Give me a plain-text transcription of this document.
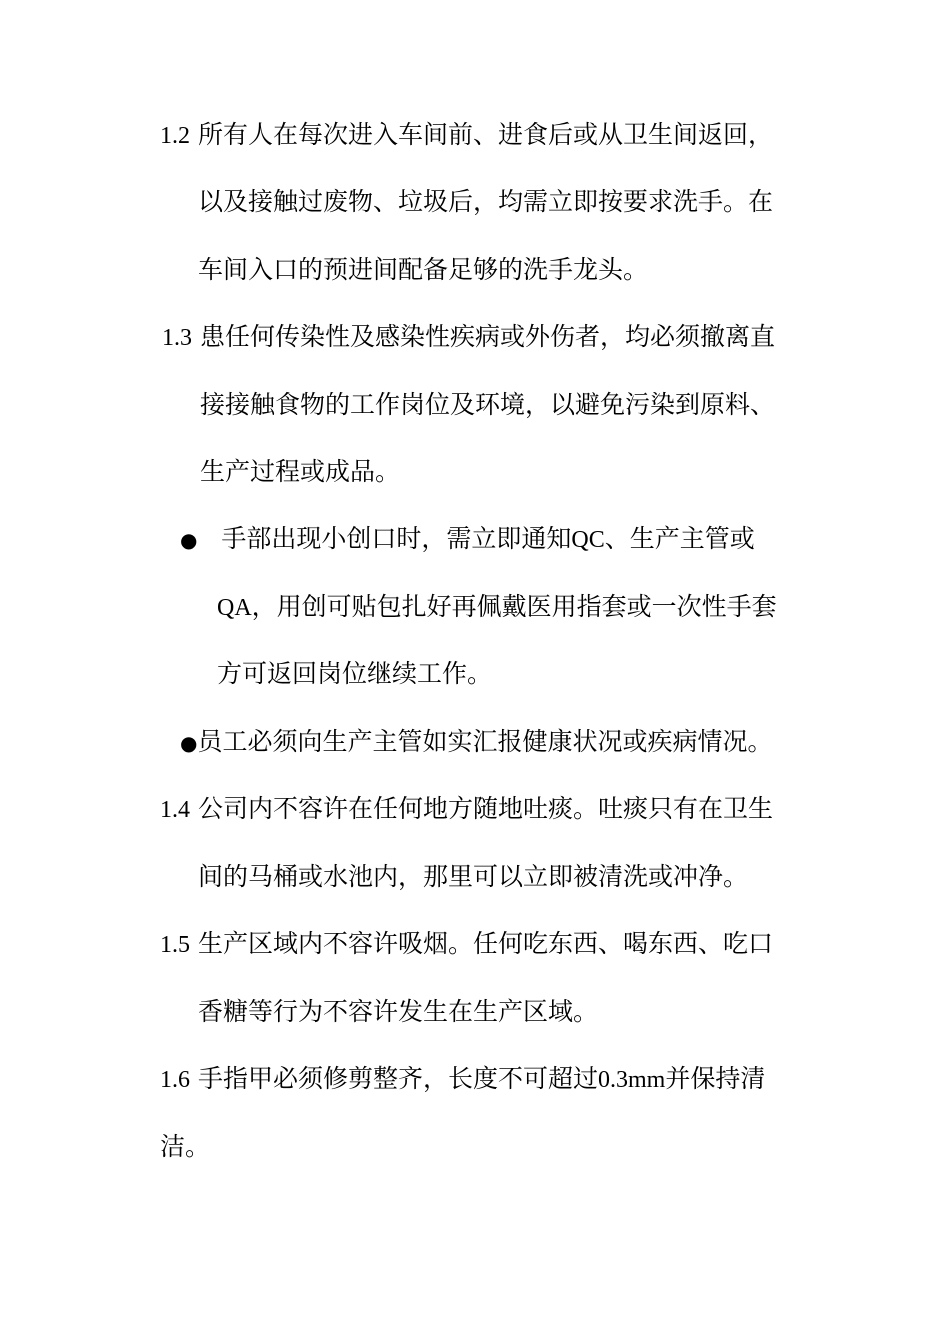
1.2 所有人在每次进入车间前、进食后或从卫生间返回，
以及接触过废物、垃圾后，均需立即按要求洗手。在
车间入口的预进间配备足够的洗手龙头。
1.3 患任何传染性及感染性疾病或外伤者，均必须撤离直
接接触食物的工作岗位及环境，以避免污染到原料、
生产过程或成品。
● 手部出现小创口时，需立即通知QC、生产主管或
QA，用创可贴包扎好再佩戴医用指套或一次性手套
方可返回岗位继续工作。
●员工必须向生产主管如实汇报健康状况或疾病情况。
1.4 公司内不容许在任何地方随地吐痰。吐痰只有在卫生
间的马桶或水池内，那里可以立即被清洗或冲净。
1.5 生产区域内不容许吸烟。任何吃东西、喝东西、吃口
香糖等行为不容许发生在生产区域。
1.6 手指甲必须修剪整齐，长度不可超过0.3mm并保持清
洁。
